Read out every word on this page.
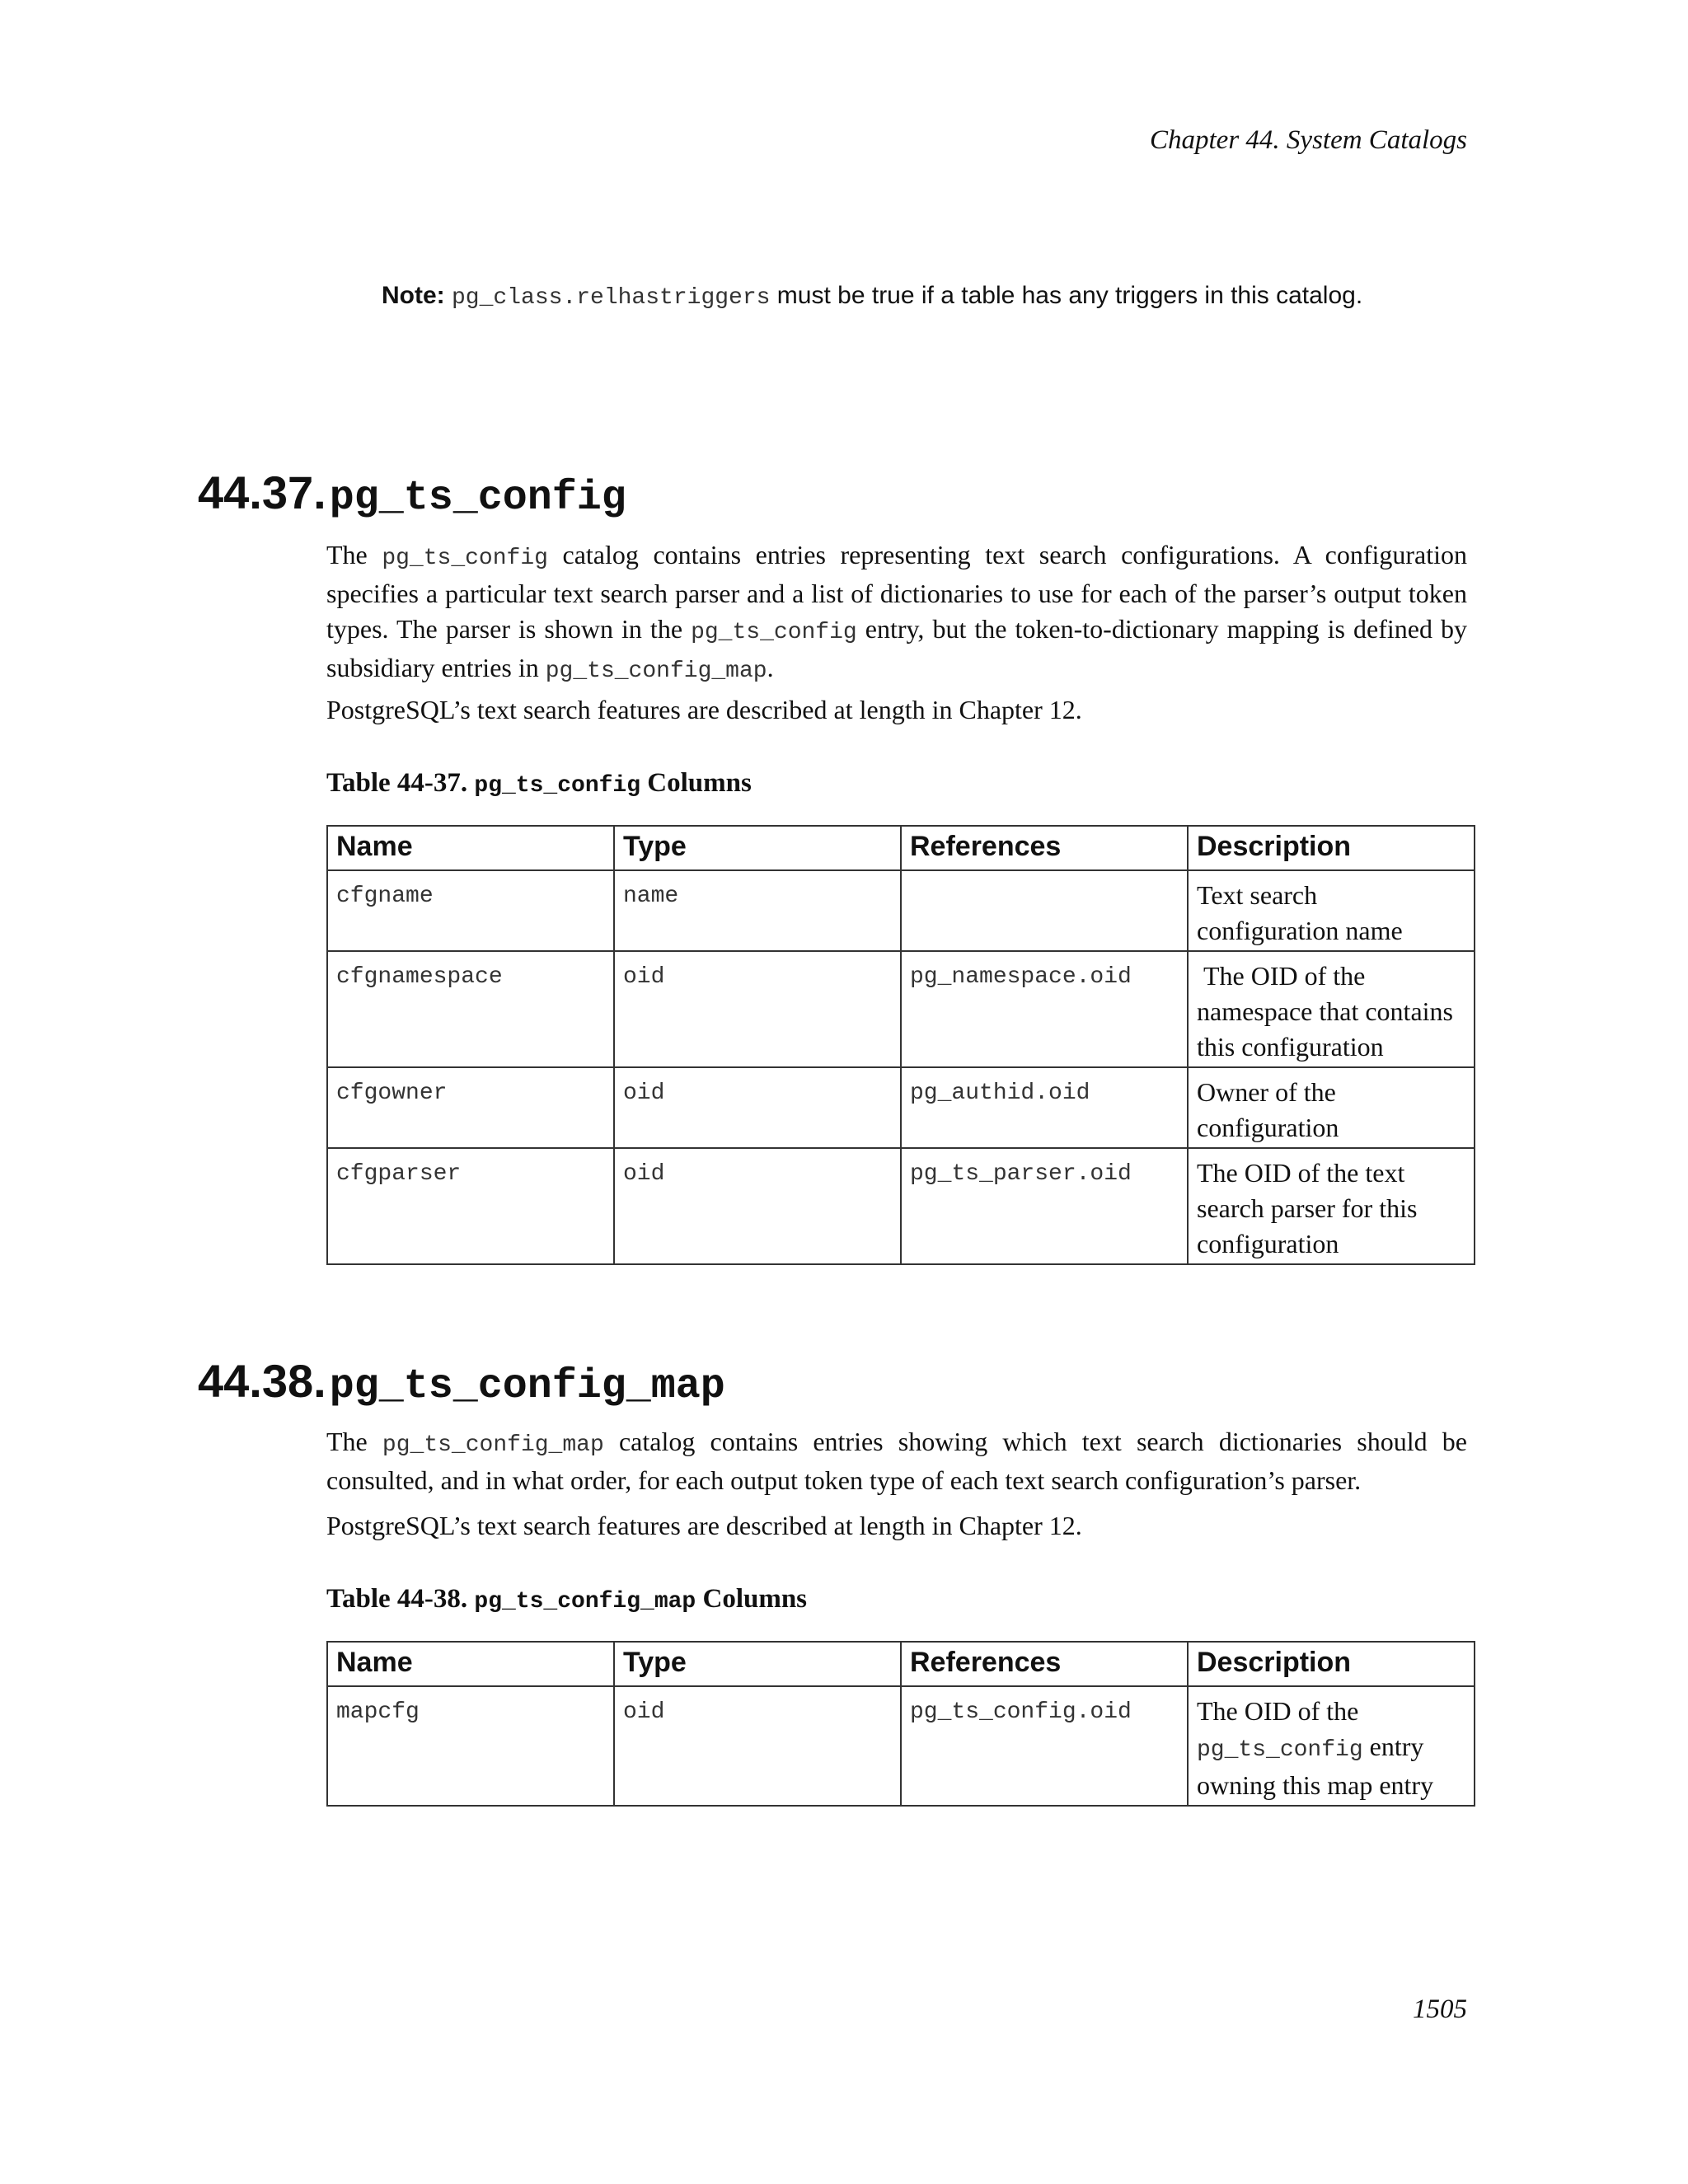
Chapter 44. System Catalogs
Note: pg_class.relhastriggers must be true if a table has any triggers in this catalog.
44.37. pg_ts_config

The pg_ts_config catalog contains entries representing text search configurations. A configuration specifies a particular text search parser and a list of dictionaries to use for each of the parser’s output token types. The parser is shown in the pg_ts_config entry, but the token-to-dictionary mapping is defined by subsidiary entries in pg_ts_config_map.

PostgreSQL’s text search features are described at length in Chapter 12.

Table 44-37. pg_ts_config Columns
Name	Type	References	Description
cfgname	name		Text search configuration name
cfgnamespace	oid	pg_namespace.oid	The OID of the namespace that contains this configuration
cfgowner	oid	pg_authid.oid	Owner of the configuration
cfgparser	oid	pg_ts_parser.oid	The OID of the text search parser for this configuration
44.38. pg_ts_config_map

The pg_ts_config_map catalog contains entries showing which text search dictionaries should be consulted, and in what order, for each output token type of each text search configuration’s parser.

PostgreSQL’s text search features are described at length in Chapter 12.

Table 44-38. pg_ts_config_map Columns
Name	Type	References	Description
mapcfg	oid	pg_ts_config.oid	The OID of the pg_ts_config entry owning this map entry
1505
